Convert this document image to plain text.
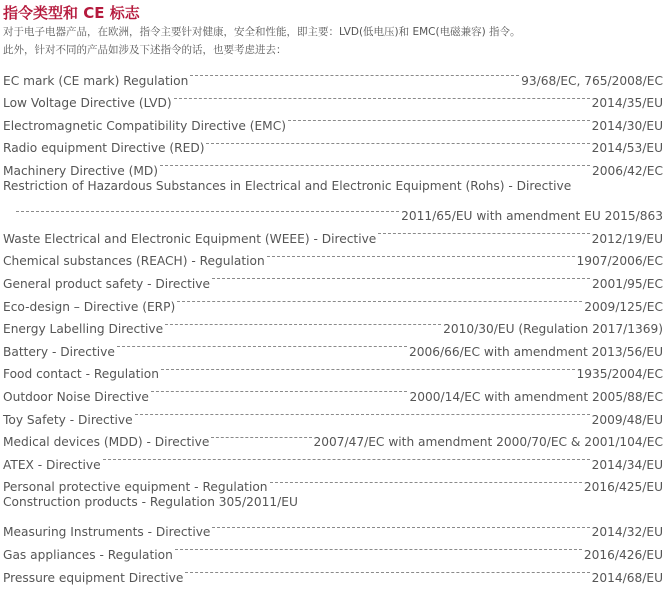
指令类型和 CE 标志
对于电子电器产品，在欧洲，指令主要针对健康，安全和性能，即主要：LVD(低电压)和 EMC(电磁兼容) 指令。
此外，针对不同的产品如涉及下述指令的话，也要考虑进去：
EC mark (CE mark) Regulation	93/68/EC, 765/2008/EC
Low Voltage Directive (LVD)	2014/35/EU
Electromagnetic Compatibility Directive (EMC)	2014/30/EU
Radio equipment Directive (RED)	2014/53/EU
Machinery Directive (MD)	2006/42/EC
Restriction of Hazardous Substances in Electrical and Electronic Equipment (Rohs) - Directive
2011/65/EU with amendment EU 2015/863
Waste Electrical and Electronic Equipment (WEEE) - Directive	2012/19/EU
Chemical substances (REACH) - Regulation	1907/2006/EC
General product safety - Directive	2001/95/EC
Eco-design – Directive (ERP)	2009/125/EC
Energy Labelling Directive	2010/30/EU (Regulation 2017/1369)
Battery - Directive	2006/66/EC with amendment 2013/56/EU
Food contact - Regulation	1935/2004/EC
Outdoor Noise Directive	2000/14/EC with amendment 2005/88/EC
Toy Safety - Directive	2009/48/EU
Medical devices (MDD) - Directive	2007/47/EC with amendment 2000/70/EC & 2001/104/EC
ATEX - Directive	2014/34/EU
Personal protective equipment - Regulation	2016/425/EU
Construction products - Regulation 305/2011/EU
Measuring Instruments - Directive	2014/32/EU
Gas appliances - Regulation	2016/426/EU
Pressure equipment Directive	2014/68/EU
